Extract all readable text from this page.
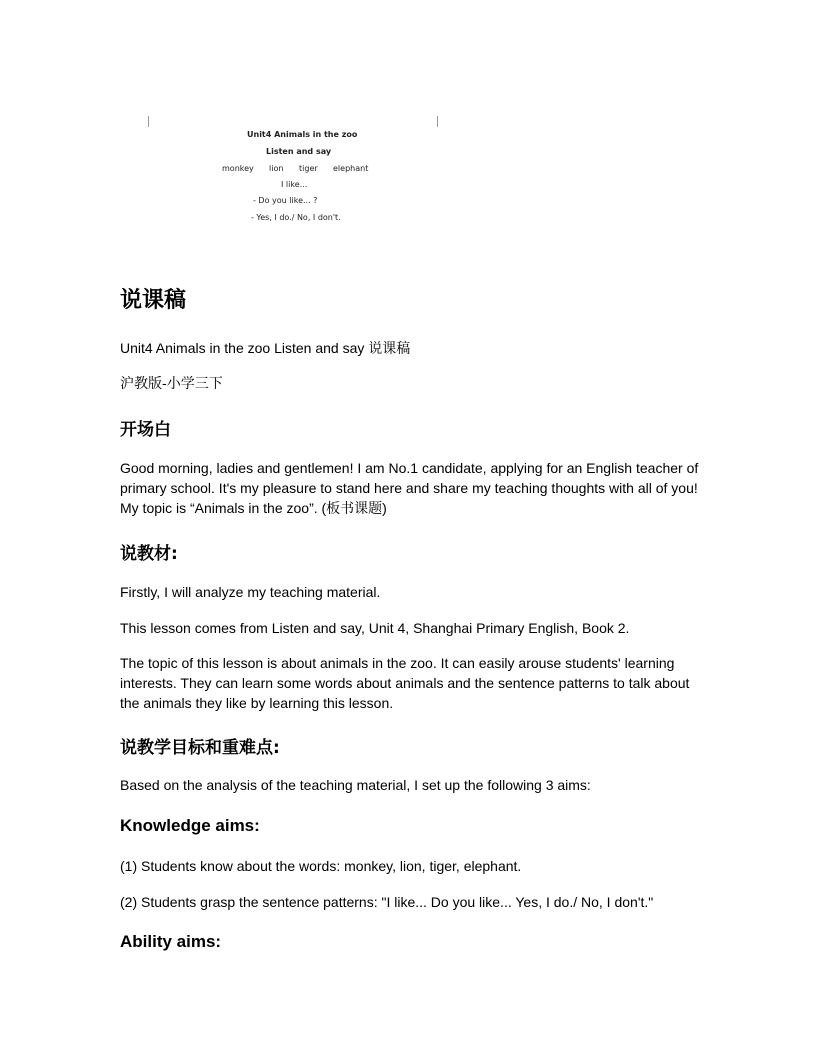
Unit4 Animals in the zoo
Listen and say
monkey lion tiger elephant
I like...
- Do you like... ?
- Yes, I do./ No, I don't.
说课稿
Unit4 Animals in the zoo Listen and say 说课稿
沪教版-小学三下
开场白
Good morning, ladies and gentlemen! I am No.1 candidate, applying for an English teacher of primary school. It's my pleasure to stand here and share my teaching thoughts with all of you! My topic is “Animals in the zoo”. (板书课题)
说教材:
Firstly, I will analyze my teaching material.
This lesson comes from Listen and say, Unit 4, Shanghai Primary English, Book 2.
The topic of this lesson is about animals in the zoo. It can easily arouse students' learning interests. They can learn some words about animals and the sentence patterns to talk about the animals they like by learning this lesson.
说教学目标和重难点:
Based on the analysis of the teaching material, I set up the following 3 aims:
Knowledge aims:
(1) Students know about the words: monkey, lion, tiger, elephant.
(2) Students grasp the sentence patterns: "I like... Do you like... Yes, I do./ No, I don't."
Ability aims:
